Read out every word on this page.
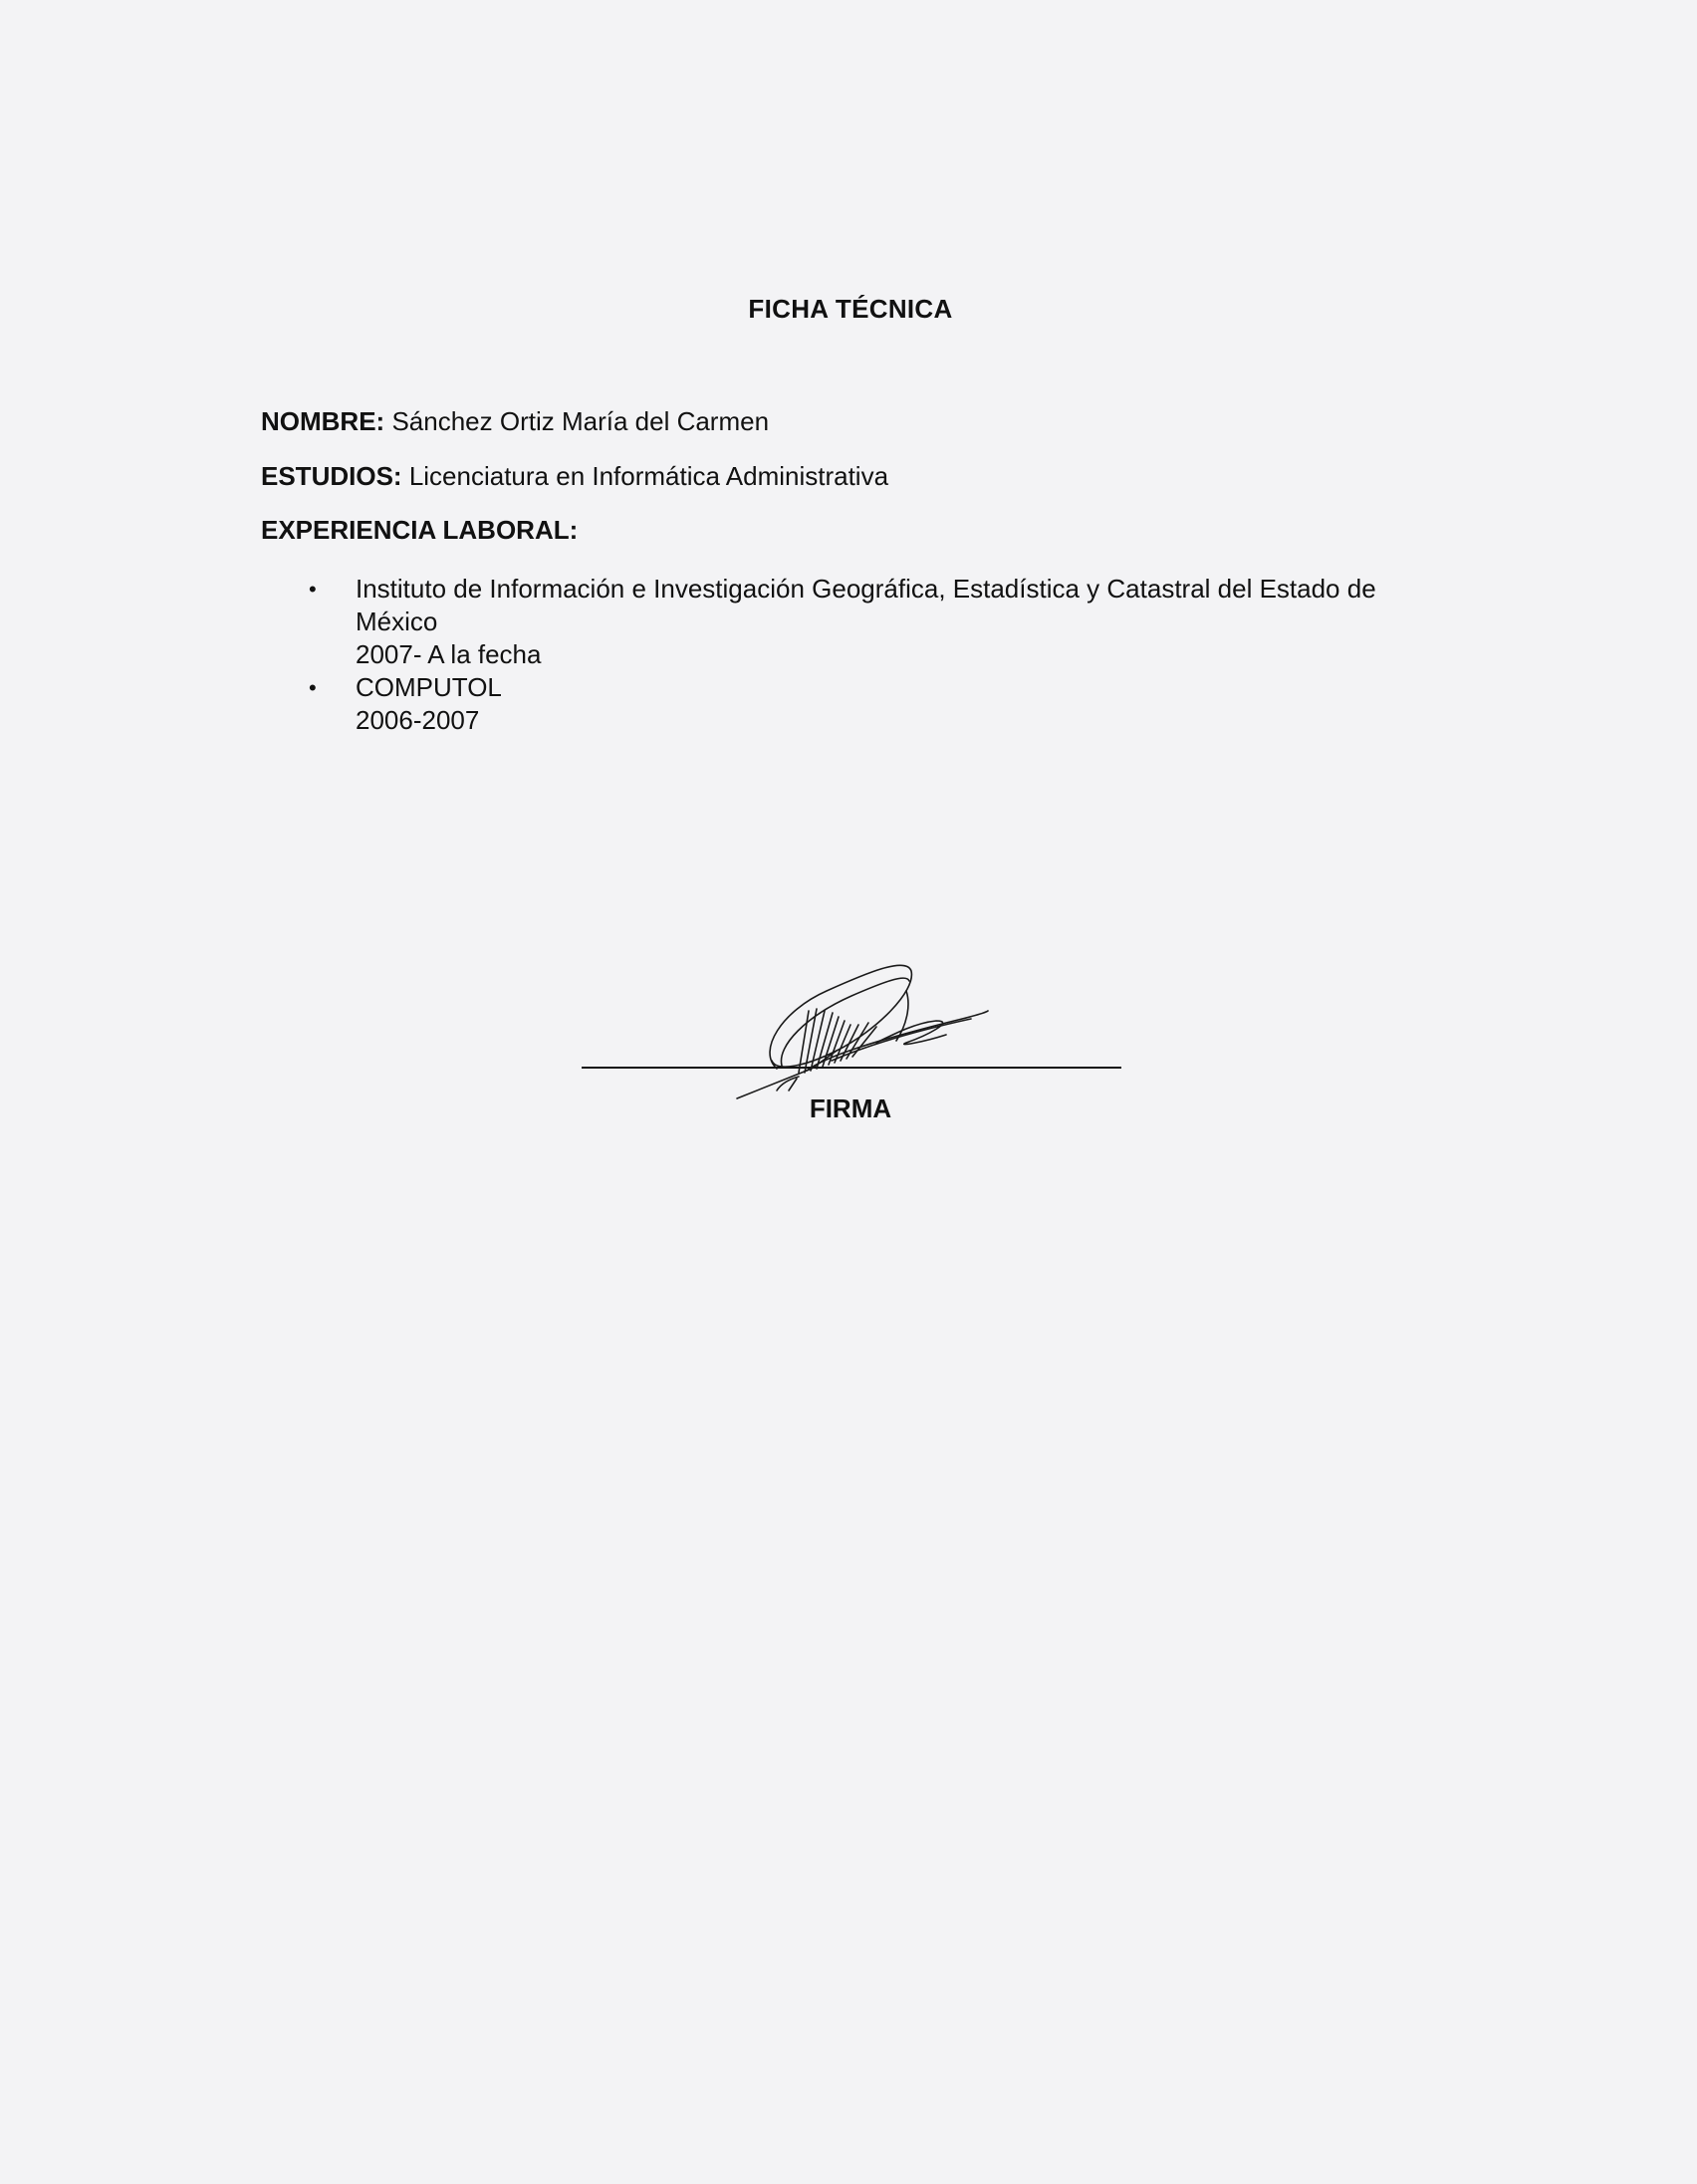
FICHA TÉCNICA
NOMBRE: Sánchez Ortiz María del Carmen
ESTUDIOS: Licenciatura en Informática Administrativa
EXPERIENCIA LABORAL:
• Instituto de Información e Investigación Geográfica, Estadística y Catastral del Estado de
México
2007- A la fecha
• COMPUTOL
2006-2007
FIRMA
